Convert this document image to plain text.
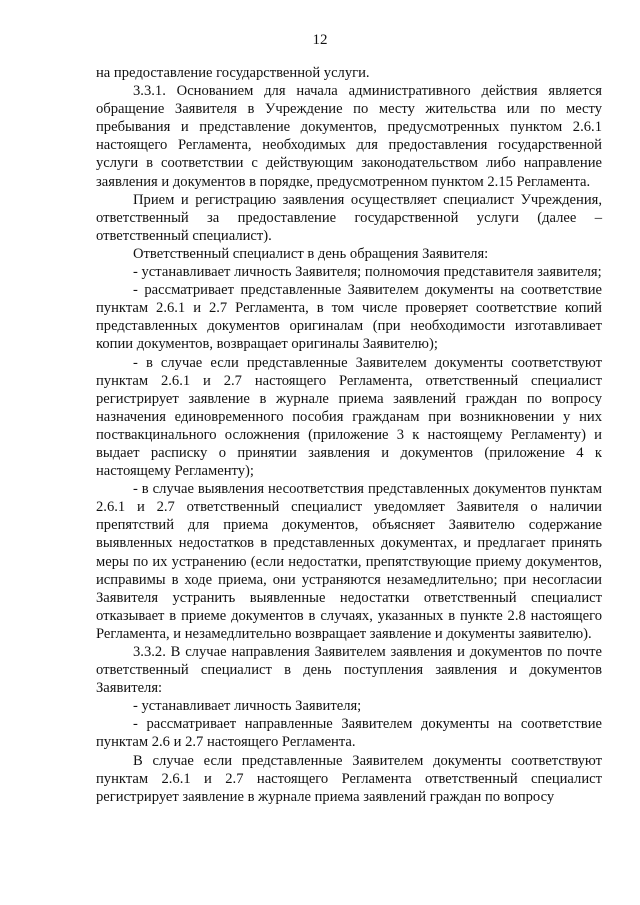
12

на предоставление государственной услуги.

3.3.1. Основанием для начала административного действия является обращение Заявителя в Учреждение по месту жительства или по месту пребывания и представление документов, предусмотренных пунктом 2.6.1 настоящего Регламента, необходимых для предоставления государственной услуги в соответствии с действующим законодательством либо направление заявления и документов в порядке, предусмотренном пунктом 2.15 Регламента.

Прием и регистрацию заявления осуществляет специалист Учреждения, ответственный за предоставление государственной услуги (далее – ответственный специалист).

Ответственный специалист в день обращения Заявителя:

- устанавливает личность Заявителя; полномочия представителя заявителя;

- рассматривает представленные Заявителем документы на соответствие пунктам 2.6.1 и 2.7 Регламента, в том числе проверяет соответствие копий представленных документов оригиналам (при необходимости изготавливает копии документов, возвращает оригиналы Заявителю);

- в случае если представленные Заявителем документы соответствуют пунктам 2.6.1 и 2.7 настоящего Регламента, ответственный специалист регистрирует заявление в журнале приема заявлений граждан по вопросу назначения единовременного пособия гражданам при возникновении у них поствакцинального осложнения (приложение 3 к настоящему Регламенту) и выдает расписку о принятии заявления и документов (приложение 4 к настоящему Регламенту);

- в случае выявления несоответствия представленных документов пунктам 2.6.1 и 2.7 ответственный специалист уведомляет Заявителя о наличии препятствий для приема документов, объясняет Заявителю содержание выявленных недостатков в представленных документах, и предлагает принять меры по их устранению (если недостатки, препятствующие приему документов, исправимы в ходе приема, они устраняются незамедлительно; при несогласии Заявителя устранить выявленные недостатки ответственный специалист отказывает в приеме документов в случаях, указанных в пункте 2.8 настоящего Регламента, и незамедлительно возвращает заявление и документы заявителю).

3.3.2. В случае направления Заявителем заявления и документов по почте ответственный специалист в день поступления заявления и документов Заявителя:

- устанавливает личность Заявителя;

- рассматривает направленные Заявителем документы на соответствие пунктам 2.6 и 2.7 настоящего Регламента.

В случае если представленные Заявителем документы соответствуют пунктам 2.6.1 и 2.7 настоящего Регламента ответственный специалист регистрирует заявление в журнале приема заявлений граждан по вопросу
